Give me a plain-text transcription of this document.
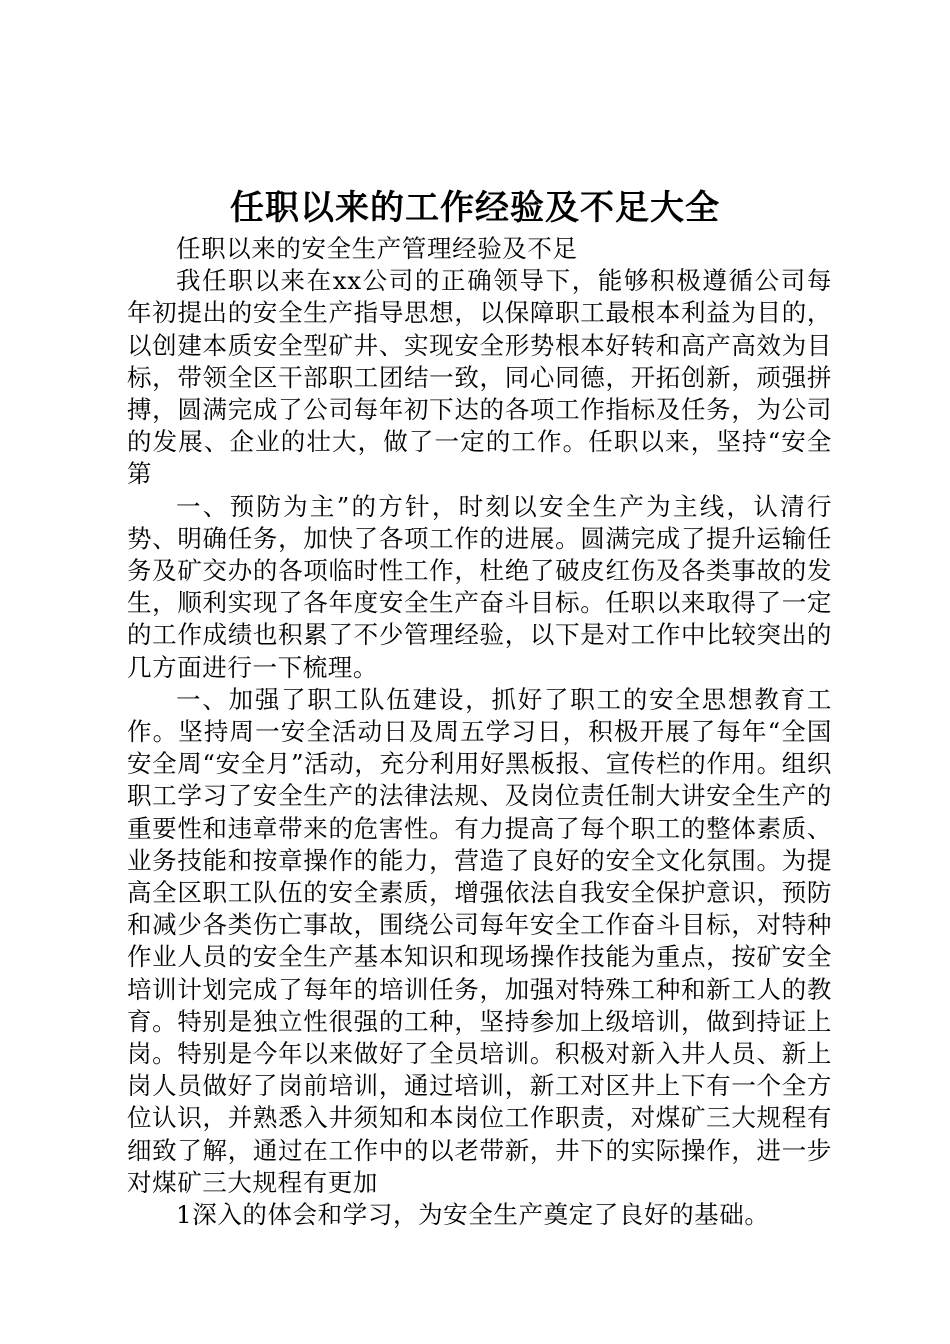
任职以来的工作经验及不足大全

任职以来的安全生产管理经验及不足

我任职以来在xx公司的正确领导下，能够积极遵循公司每年初提出的安全生产指导思想，以保障职工最根本利益为目的，以创建本质安全型矿井、实现安全形势根本好转和高产高效为目标，带领全区干部职工团结一致，同心同德，开拓创新，顽强拼搏，圆满完成了公司每年初下达的各项工作指标及任务，为公司的发展、企业的壮大，做了一定的工作。任职以来，坚持“安全第

一、预防为主”的方针，时刻以安全生产为主线，认清行势、明确任务，加快了各项工作的进展。圆满完成了提升运输任务及矿交办的各项临时性工作，杜绝了破皮红伤及各类事故的发生，顺利实现了各年度安全生产奋斗目标。任职以来取得了一定的工作成绩也积累了不少管理经验，以下是对工作中比较突出的几方面进行一下梳理。

一、加强了职工队伍建设，抓好了职工的安全思想教育工作。坚持周一安全活动日及周五学习日，积极开展了每年“全国安全周“安全月”活动，充分利用好黑板报、宣传栏的作用。组织职工学习了安全生产的法律法规、及岗位责任制大讲安全生产的重要性和违章带来的危害性。有力提高了每个职工的整体素质、业务技能和按章操作的能力，营造了良好的安全文化氛围。为提高全区职工队伍的安全素质，增强依法自我安全保护意识，预防和减少各类伤亡事故，围绕公司每年安全工作奋斗目标，对特种作业人员的安全生产基本知识和现场操作技能为重点，按矿安全培训计划完成了每年的培训任务，加强对特殊工种和新工人的教育。特别是独立性很强的工种，坚持参加上级培训，做到持证上岗。特别是今年以来做好了全员培训。积极对新入井人员、新上岗人员做好了岗前培训，通过培训，新工对区井上下有一个全方位认识，并熟悉入井须知和本岗位工作职责，对煤矿三大规程有细致了解，通过在工作中的以老带新，井下的实际操作，进一步对煤矿三大规程有更加

1深入的体会和学习，为安全生产奠定了良好的基础。
